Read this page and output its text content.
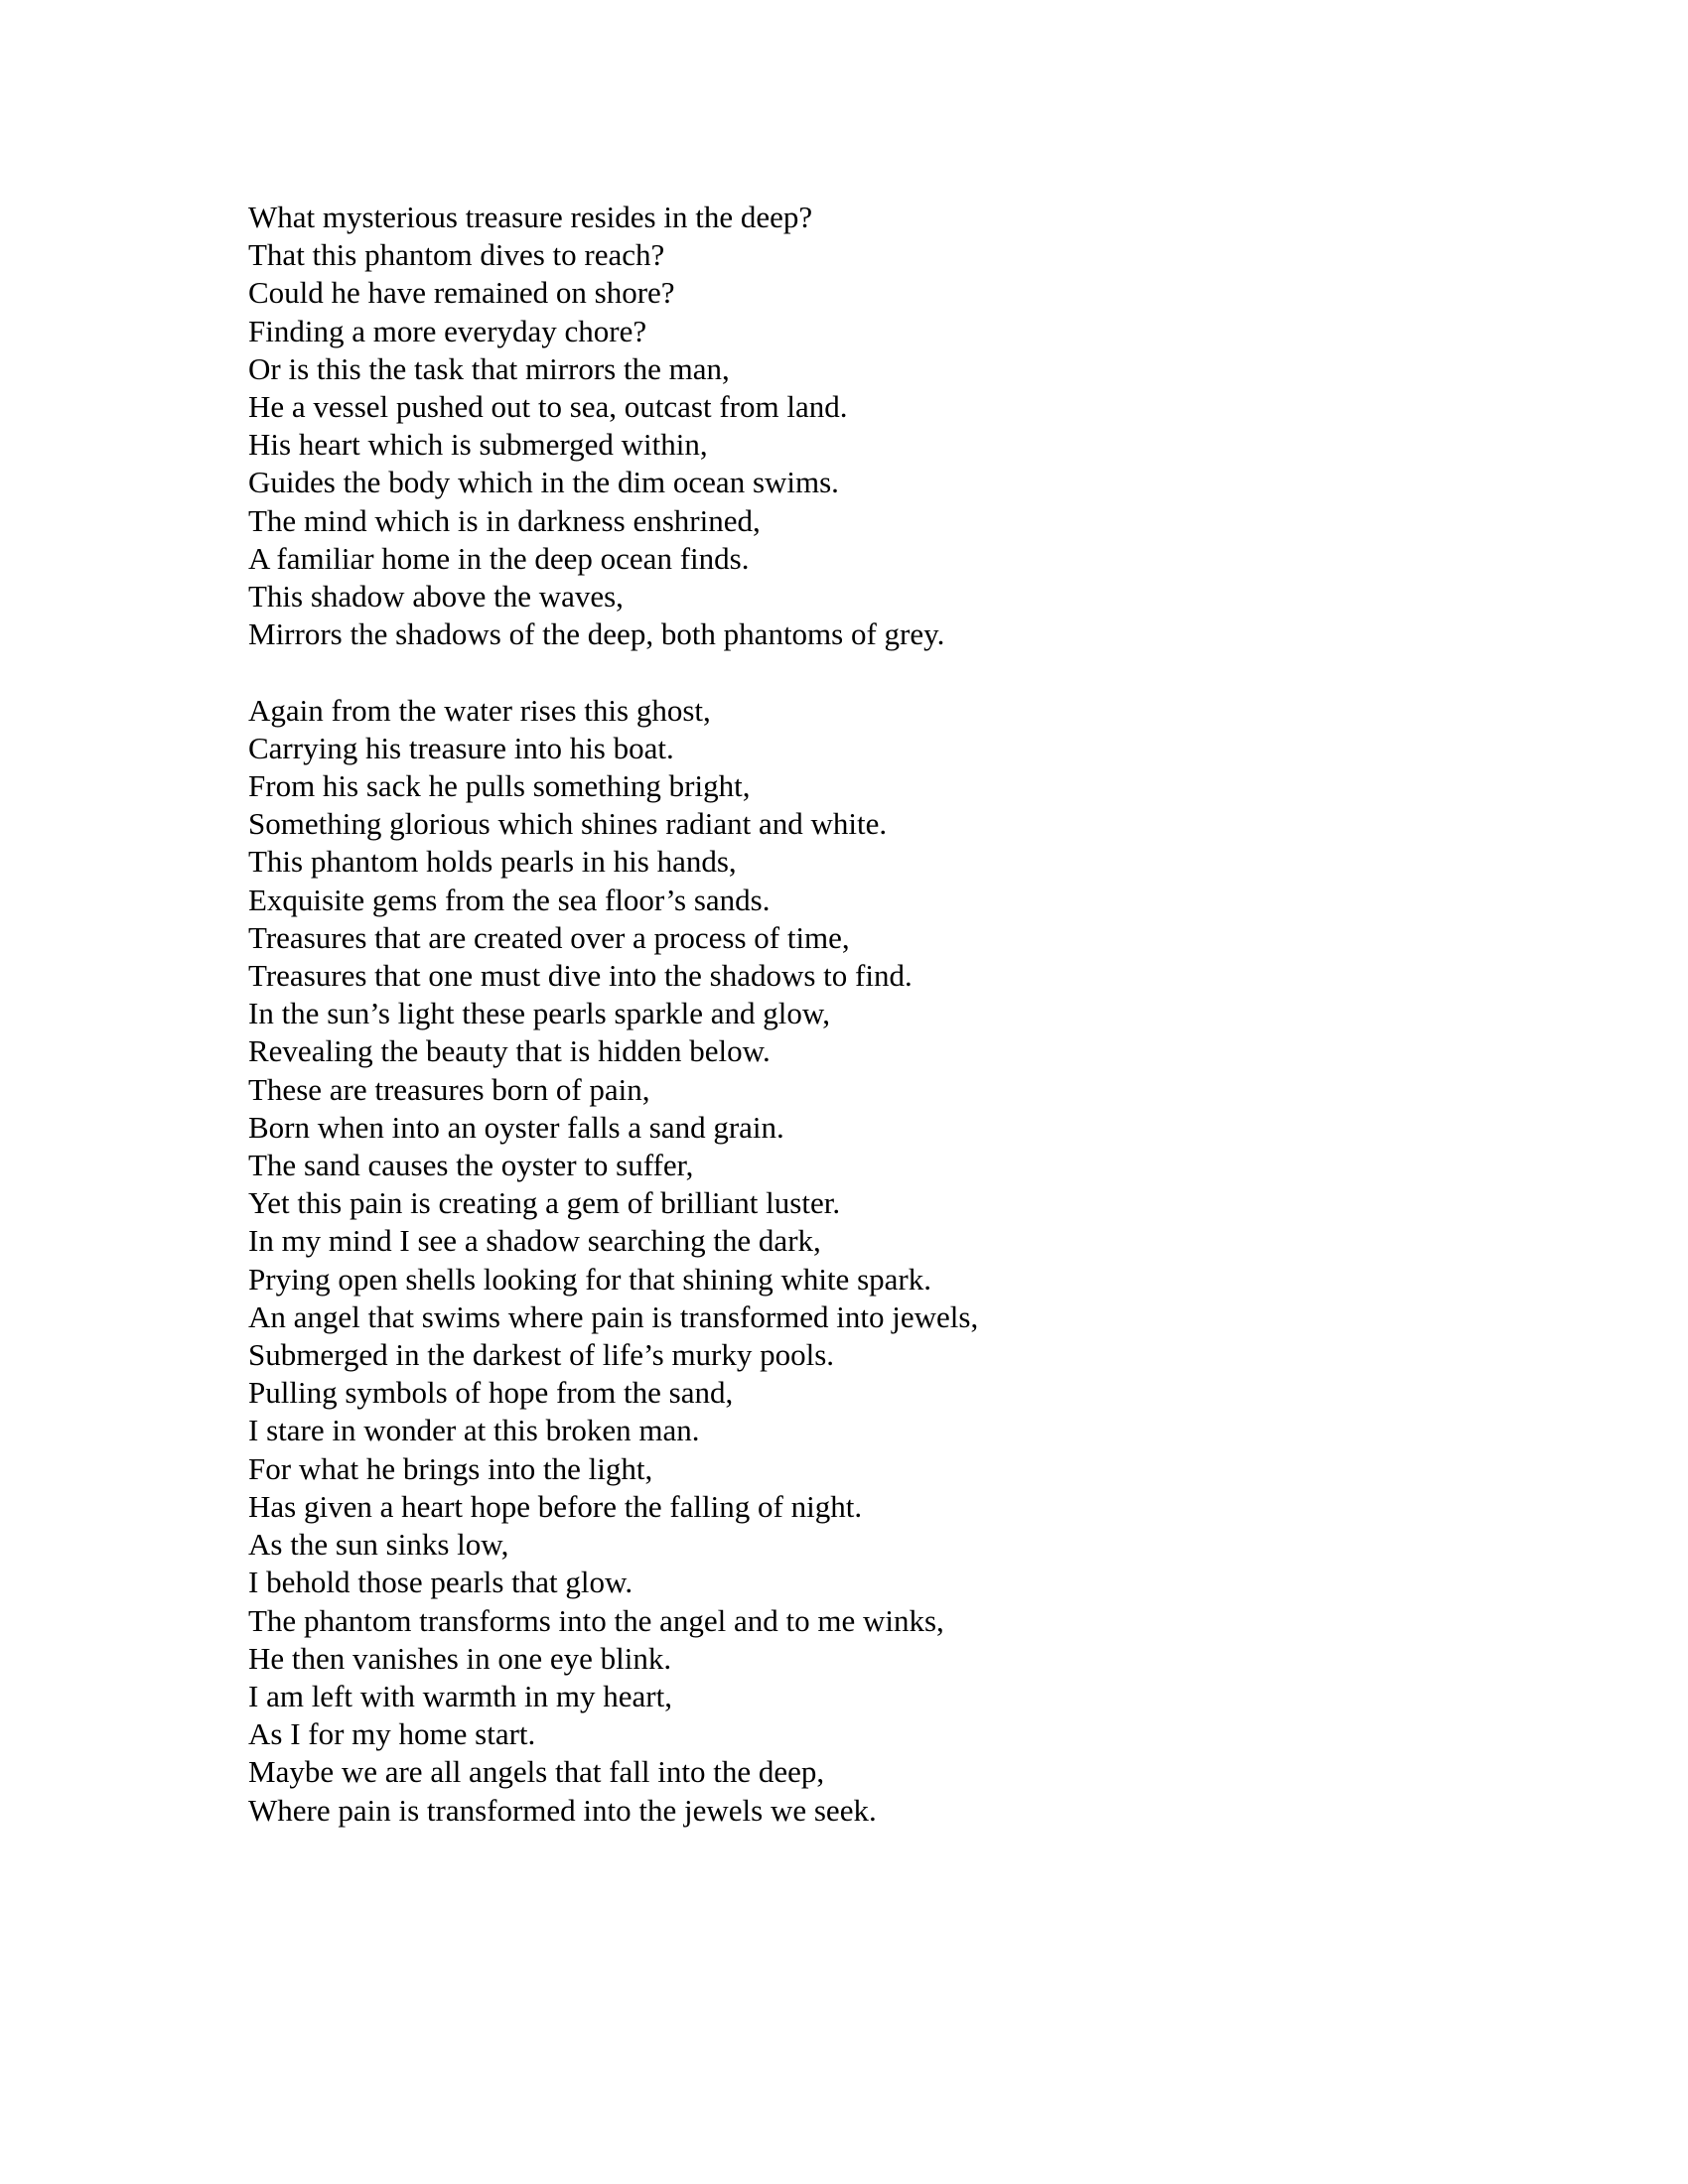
What mysterious treasure resides in the deep?
That this phantom dives to reach?
Could he have remained on shore?
Finding a more everyday chore?
Or is this the task that mirrors the man,
He a vessel pushed out to sea, outcast from land.
His heart which is submerged within,
Guides the body which in the dim ocean swims.
The mind which is in darkness enshrined,
A familiar home in the deep ocean finds.
This shadow above the waves,
Mirrors the shadows of the deep, both phantoms of grey.
Again from the water rises this ghost,
Carrying his treasure into his boat.
From his sack he pulls something bright,
Something glorious which shines radiant and white.
This phantom holds pearls in his hands,
Exquisite gems from the sea floor’s sands.
Treasures that are created over a process of time,
Treasures that one must dive into the shadows to find.
In the sun’s light these pearls sparkle and glow,
Revealing the beauty that is hidden below.
These are treasures born of pain,
Born when into an oyster falls a sand grain.
The sand causes the oyster to suffer,
Yet this pain is creating a gem of brilliant luster.
In my mind I see a shadow searching the dark,
Prying open shells looking for that shining white spark.
An angel that swims where pain is transformed into jewels,
Submerged in the darkest of life’s murky pools.
Pulling symbols of hope from the sand,
I stare in wonder at this broken man.
For what he brings into the light,
Has given a heart hope before the falling of night.
As the sun sinks low,
I behold those pearls that glow.
The phantom transforms into the angel and to me winks,
He then vanishes in one eye blink.
I am left with warmth in my heart,
As I for my home start.
Maybe we are all angels that fall into the deep,
Where pain is transformed into the jewels we seek.
